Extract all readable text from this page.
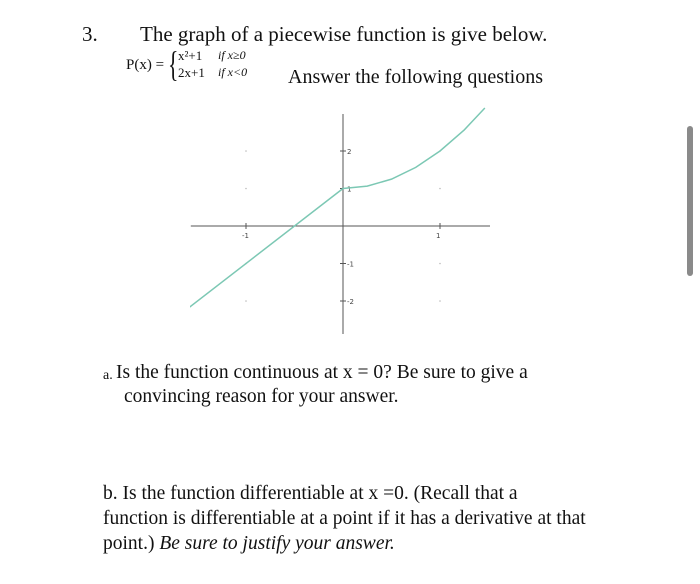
3. The graph of a piecewise function is give below.
P(x) = { x²+1 if x≥0
2x+1 if x<0 Answer the following questions
-1	1
2
1
-1
-2
a. Is the function continuous at x = 0? Be sure to give a
convincing reason for your answer.
b. Is the function differentiable at x =0. (Recall that a
function is differentiable at a point if it has a derivative at that
point.) Be sure to justify your answer.
